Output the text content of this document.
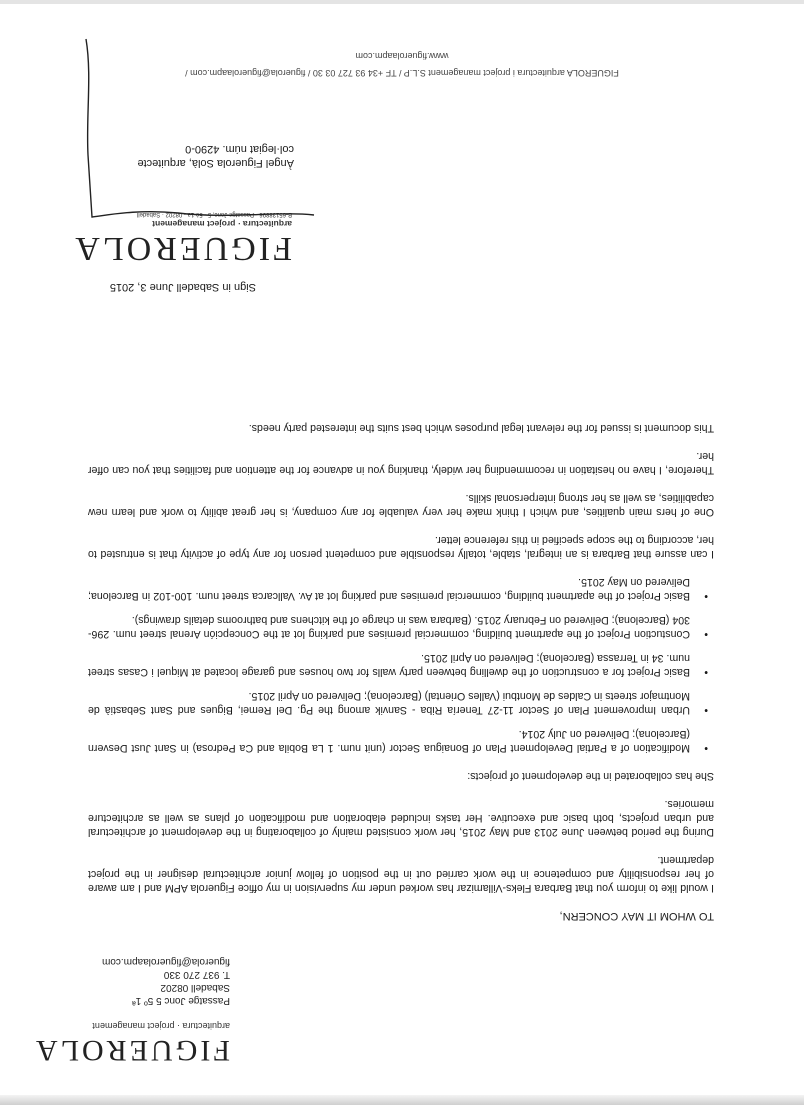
FIGUEROLA
arquitectura · project management
Passatge Jonc 5 5º 1ª
Sabadell 08202
T. 937 270 330
figuerola@figuerolaapm.com
TO WHOM IT MAY CONCERN,

I would like to inform you that Barbara Fleks-Villamizar has worked under my supervision in my office Figuerola APM and I am aware of her responsibility and competence in the work carried out in the position of fellow junior architectural designer in the project department.

During the period between June 2013 and May 2015, her work consisted mainly of collaborating in the development of architectural and urban projects, both basic and executive. Her tasks included elaboration and modification of plans as well as architecture memories.

She has collaborated in the development of projects:

•
Modification of a Partial Development Plan of Bonaigua Sector (unit num. 1 La Bobila and Ca Pedrosa) in Sant Just Desvern (Barcelona); Delivered on July 2014.
•
Urban Improvement Plan of Sector 11-27 Tenería Riba - Sanvik among the Pg. Del Remei, Bigues and Sant Sebastià de Montmajor streets in Caldes de Montbui (Valles Oriental) (Barcelona); Delivered on April 2015.
•
Basic Project for a construction of the dwelling between party walls for two houses and garage located at Miquel i Casas street num. 34 in Terrassa (Barcelona); Delivered on April 2015.
•
Constuction Project of the apartment building, commercial premises and parking lot at the Concepción Arenal street num. 296-304 (Barcelona); Delivered on February 2015. (Barbara was in charge of the kitchens and bathrooms details drawings).
•
Basic Project of the apartment building, commercial premises and parking lot at Av. Vallcarca street num. 100-102 in Barcelona; Delivered on May 2015.

I can assure that Barbara is an integral, stable, totally responsible and competent person for any type of activity that is entrusted to her, according to the scope specified in this reference letter.

One of hers main qualities, and which I think make her very valuable for any company, is her great ability to work and learn new capabilities, as well as her strong interpersonal skills.

Therefore, I have no hesitation in recommending her widely, thanking you in advance for the attention and facilities that you can offer her.

This document is issued for the relevant legal purposes which best suits the interested party needs.

Sign in Sabadell June 3, 2015
FIGUEROLA
arquitectura · project management
B-65138896 · Passatge Jonc, 5 · 5è 1a · 08202 · Sabadell
Àngel Figuerola Solà, arquitecte
col·legiat núm. 4290-0
FIGUEROLA arquitectura i project management S.L.P / TF +34 93 727 03 30 / figuerola@figuerolaapm.com /
www.figuerolaapm.com
